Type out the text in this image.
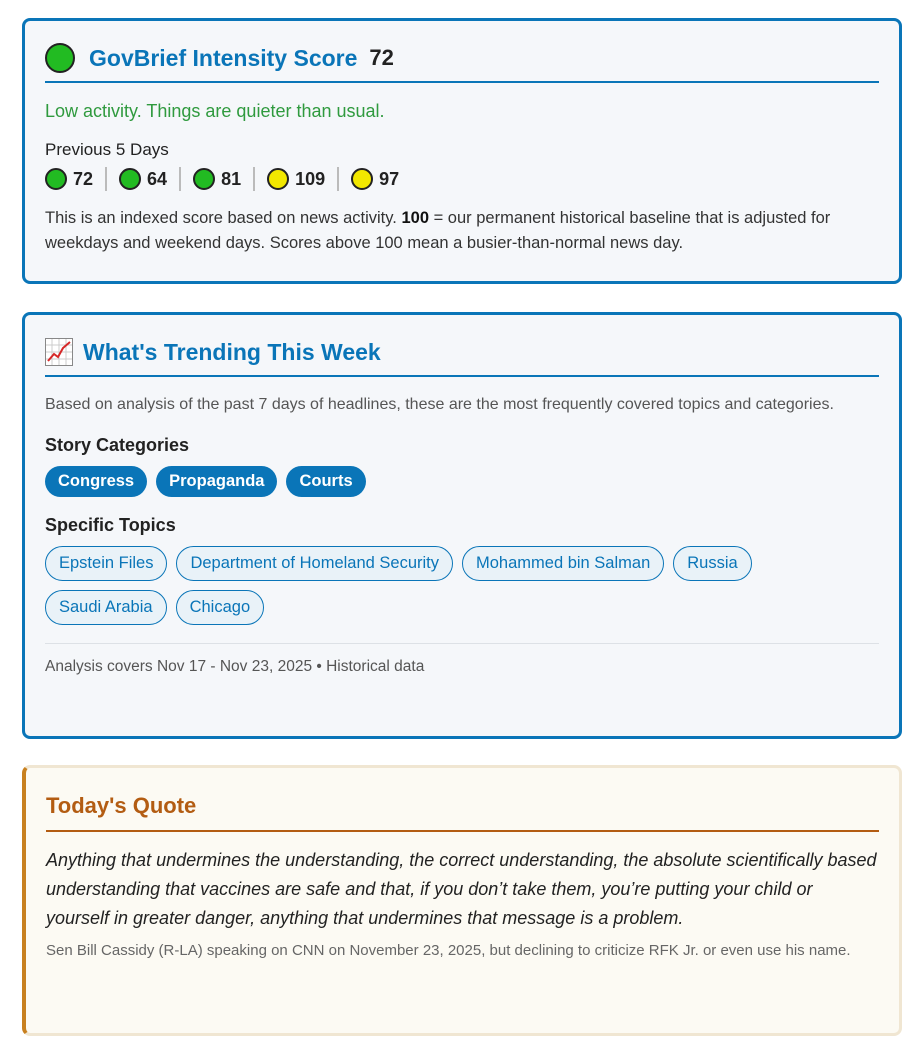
GovBrief Intensity Score 72
Low activity. Things are quieter than usual.
Previous 5 Days
72	64	81	109	97
This is an indexed score based on news activity. 100 = our permanent historical baseline that is adjusted for weekdays and weekend days. Scores above 100 mean a busier-than-normal news day.
What's Trending This Week
Based on analysis of the past 7 days of headlines, these are the most frequently covered topics and categories.
Story Categories
Congress	Propaganda	Courts
Specific Topics
Epstein Files	Department of Homeland Security	Mohammed bin Salman	Russia
Saudi Arabia	Chicago
Analysis covers Nov 17 - Nov 23, 2025 • Historical data
Today's Quote
Anything that undermines the understanding, the correct understanding, the absolute scientifically based understanding that vaccines are safe and that, if you don’t take them, you’re putting your child or yourself in greater danger, anything that undermines that message is a problem.
Sen Bill Cassidy (R-LA) speaking on CNN on November 23, 2025, but declining to criticize RFK Jr. or even use his name.
